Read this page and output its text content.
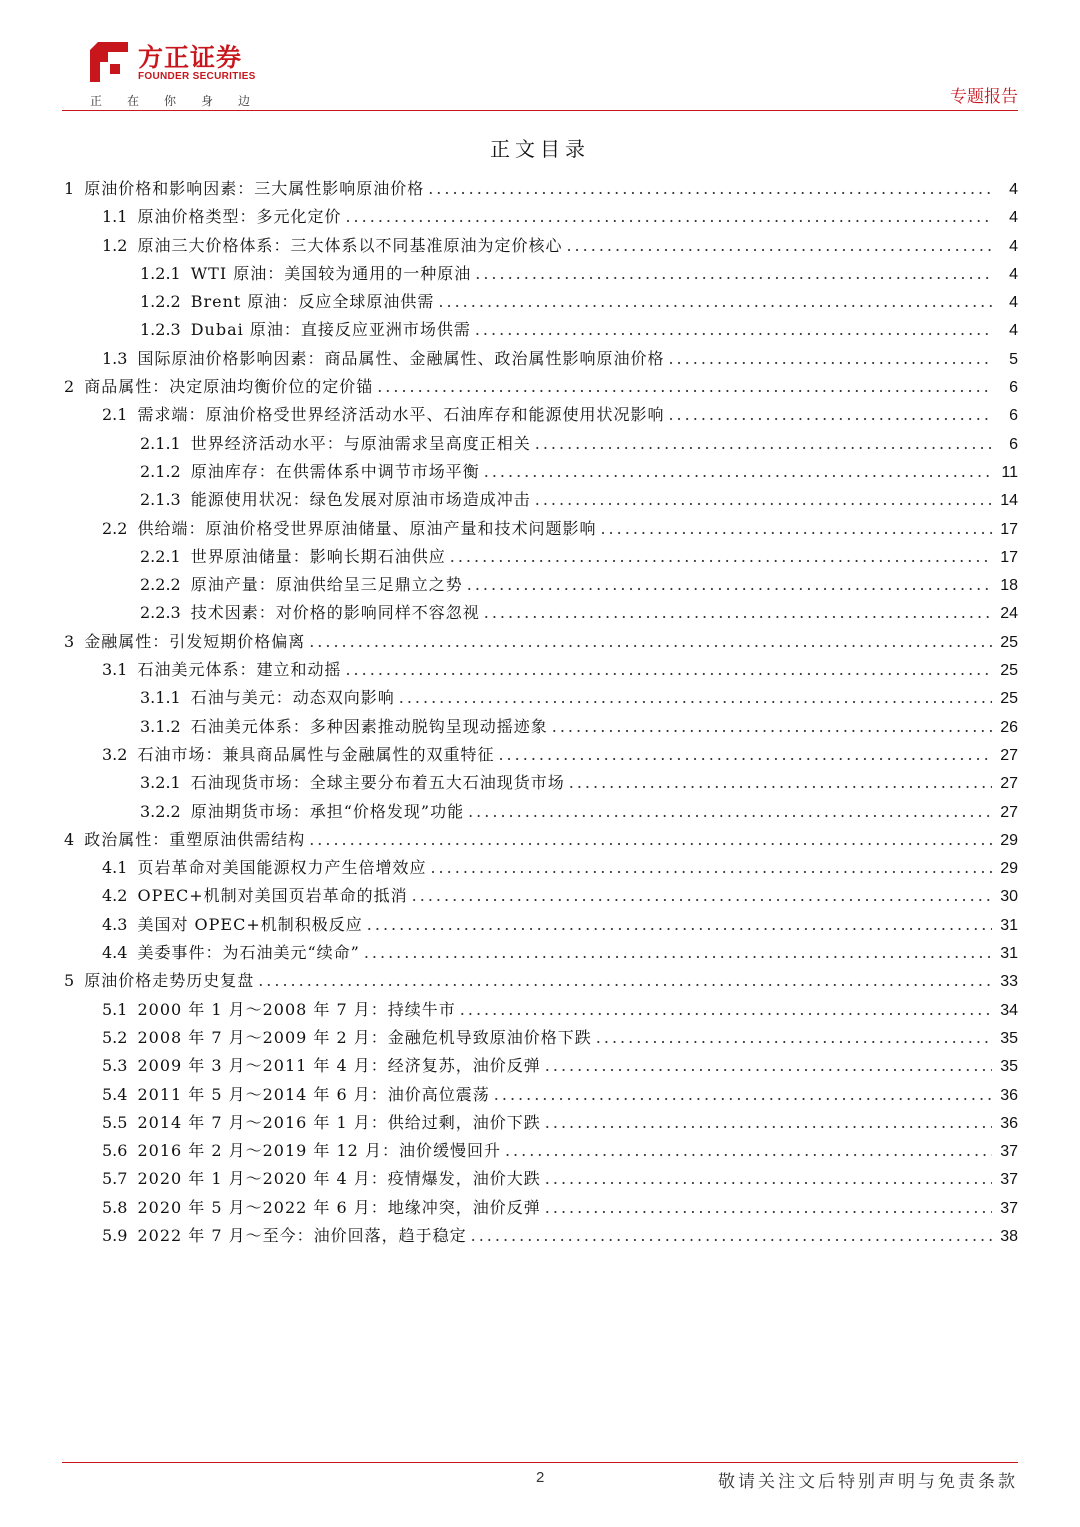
方正证券
FOUNDER SECURITIES
正在你身边	专题报告
正文目录
1 原油价格和影响因素：三大属性影响原油价格 .....	4
1.1 原油价格类型：多元化定价 .....	4
1.2 原油三大价格体系：三大体系以不同基准原油为定价核心 .....	4
1.2.1 WTI 原油：美国较为通用的一种原油 .....	4
1.2.2 Brent 原油：反应全球原油供需 .....	4
1.2.3 Dubai 原油：直接反应亚洲市场供需 .....	4
1.3 国际原油价格影响因素：商品属性、金融属性、政治属性影响原油价格 .....	5
2 商品属性：决定原油均衡价位的定价锚 .....	6
2.1 需求端：原油价格受世界经济活动水平、石油库存和能源使用状况影响 .....	6
2.1.1 世界经济活动水平：与原油需求呈高度正相关 .....	6
2.1.2 原油库存：在供需体系中调节市场平衡 .....	11
2.1.3 能源使用状况：绿色发展对原油市场造成冲击 .....	14
2.2 供给端：原油价格受世界原油储量、原油产量和技术问题影响 .....	17
2.2.1 世界原油储量：影响长期石油供应 .....	17
2.2.2 原油产量：原油供给呈三足鼎立之势 .....	18
2.2.3 技术因素：对价格的影响同样不容忽视 .....	24
3 金融属性：引发短期价格偏离 .....	25
3.1 石油美元体系：建立和动摇 .....	25
3.1.1 石油与美元：动态双向影响 .....	25
3.1.2 石油美元体系：多种因素推动脱钩呈现动摇迹象 .....	26
3.2 石油市场：兼具商品属性与金融属性的双重特征 .....	27
3.2.1 石油现货市场：全球主要分布着五大石油现货市场 .....	27
3.2.2 原油期货市场：承担“价格发现”功能 .....	27
4 政治属性：重塑原油供需结构 .....	29
4.1 页岩革命对美国能源权力产生倍增效应 .....	29
4.2 OPEC+机制对美国页岩革命的抵消 .....	30
4.3 美国对 OPEC+机制积极反应 .....	31
4.4 美委事件：为石油美元“续命” .....	31
5 原油价格走势历史复盘 .....	33
5.1 2000 年 1 月～2008 年 7 月：持续牛市 .....	34
5.2 2008 年 7 月～2009 年 2 月：金融危机导致原油价格下跌 .....	35
5.3 2009 年 3 月～2011 年 4 月：经济复苏，油价反弹 .....	35
5.4 2011 年 5 月～2014 年 6 月：油价高位震荡 .....	36
5.5 2014 年 7 月～2016 年 1 月：供给过剩，油价下跌 .....	36
5.6 2016 年 2 月～2019 年 12 月：油价缓慢回升 .....	37
5.7 2020 年 1 月～2020 年 4 月：疫情爆发，油价大跌 .....	37
5.8 2020 年 5 月～2022 年 6 月：地缘冲突，油价反弹 .....	37
5.9 2022 年 7 月～至今：油价回落，趋于稳定 .....	38
2	敬请关注文后特别声明与免责条款
